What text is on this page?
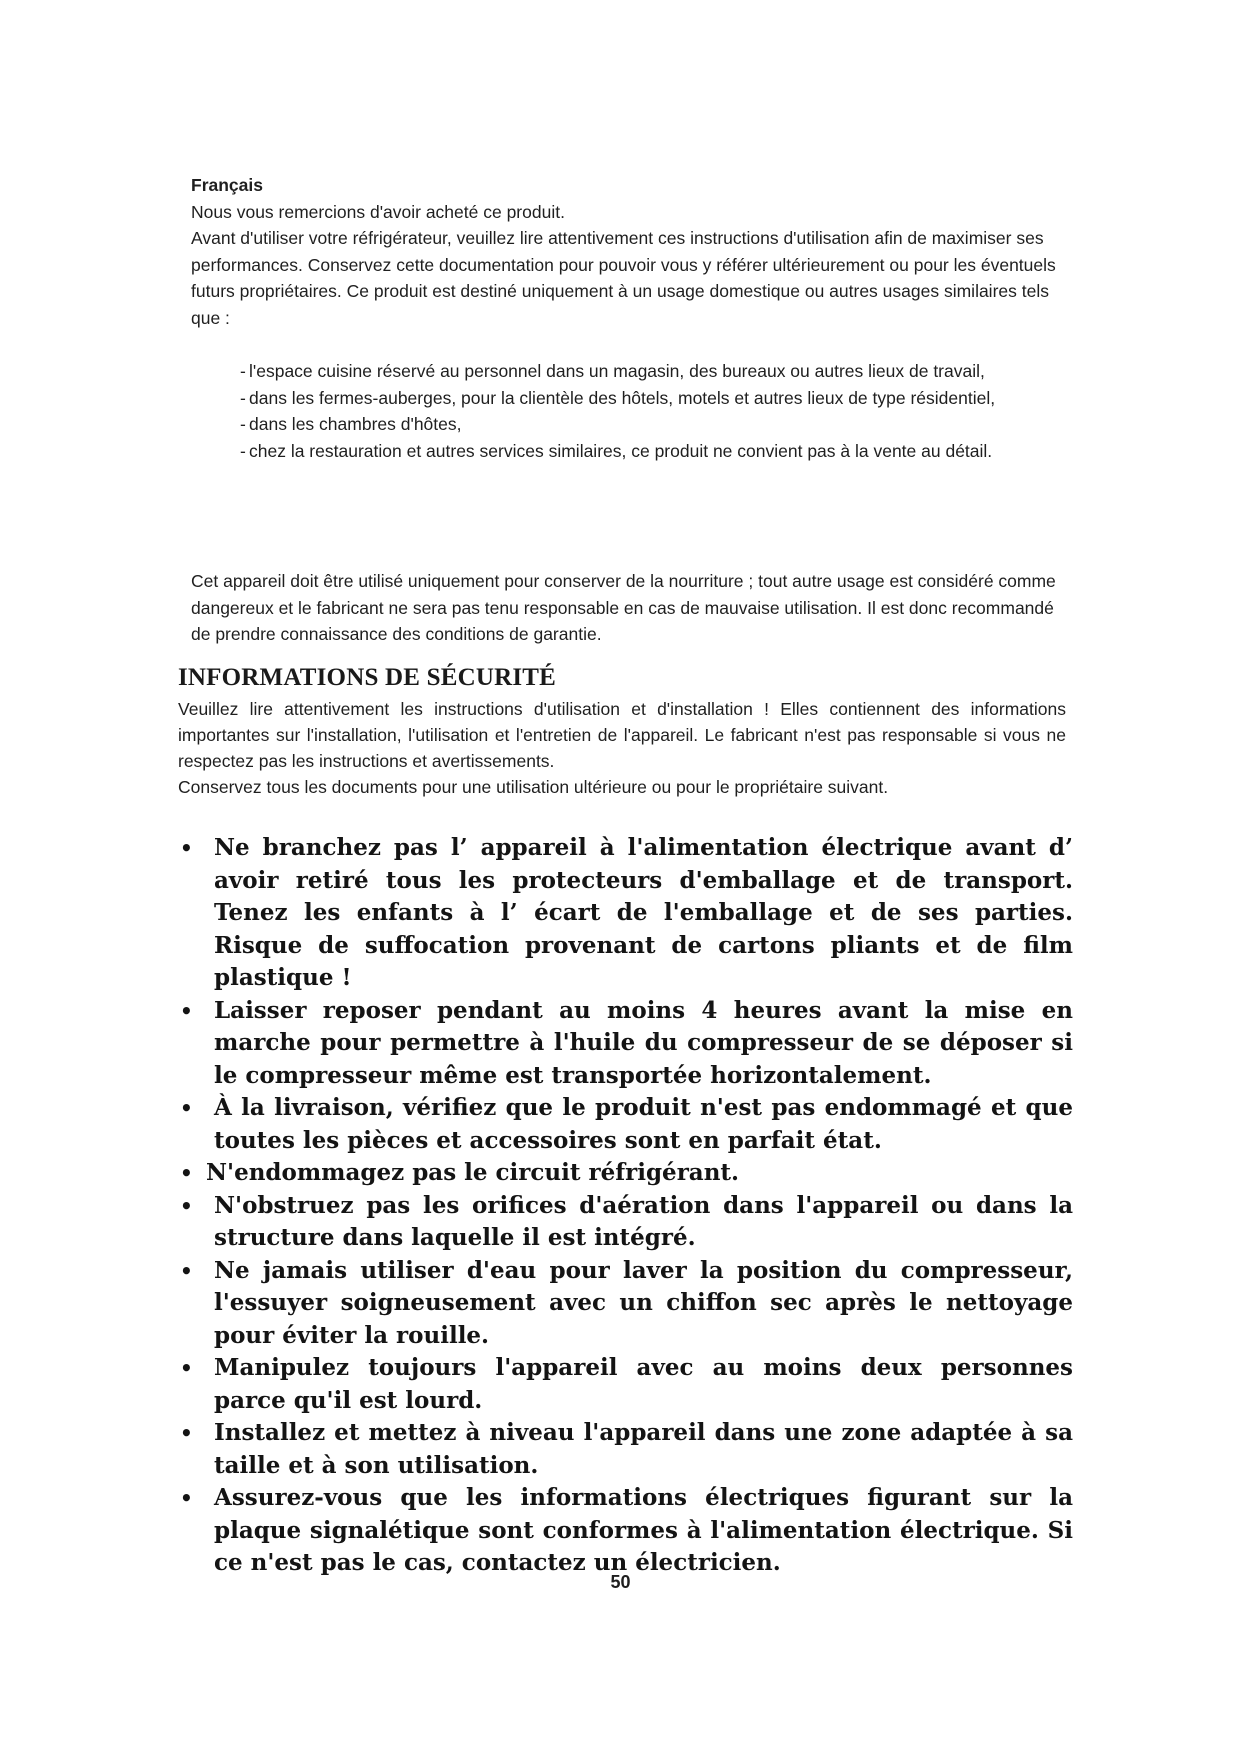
Français

Nous vous remercions d'avoir acheté ce produit.

Avant d'utiliser votre réfrigérateur, veuillez lire attentivement ces instructions d'utilisation afin de maximiser ses performances. Conservez cette documentation pour pouvoir vous y référer ultérieurement ou pour les éventuels futurs propriétaires. Ce produit est destiné uniquement à un usage domestique ou autres usages similaires tels que :

- l'espace cuisine réservé au personnel dans un magasin, des bureaux ou autres lieux de travail,
- dans les fermes-auberges, pour la clientèle des hôtels, motels et autres lieux de type résidentiel,
- dans les chambres d'hôtes,
- chez la restauration et autres services similaires, ce produit ne convient pas à la vente au détail.

Cet appareil doit être utilisé uniquement pour conserver de la nourriture ; tout autre usage est considéré comme dangereux et le fabricant ne sera pas tenu responsable en cas de mauvaise utilisation. Il est donc recommandé de prendre connaissance des conditions de garantie.

INFORMATIONS DE SÉCURITÉ

Veuillez lire attentivement les instructions d'utilisation et d'installation ! Elles contiennent des informations importantes sur l'installation, l'utilisation et l'entretien de l'appareil. Le fabricant n'est pas responsable si vous ne respectez pas les instructions et avertissements.
Conservez tous les documents pour une utilisation ultérieure ou pour le propriétaire suivant.

• Ne branchez pas l’ appareil à l'alimentation électrique avant d’ avoir retiré tous les protecteurs d'emballage et de transport. Tenez les enfants à l’ écart de l'emballage et de ses parties. Risque de suffocation provenant de cartons pliants et de film plastique !
• Laisser reposer pendant au moins 4 heures avant la mise en marche pour permettre à l'huile du compresseur de se déposer si le compresseur même est transportée horizontalement.
• À la livraison, vérifiez que le produit n'est pas endommagé et que toutes les pièces et accessoires sont en parfait état.
• N'endommagez pas le circuit réfrigérant.
• N'obstruez pas les orifices d'aération dans l'appareil ou dans la structure dans laquelle il est intégré.
• Ne jamais utiliser d'eau pour laver la position du compresseur, l'essuyer soigneusement avec un chiffon sec après le nettoyage pour éviter la rouille.
• Manipulez toujours l'appareil avec au moins deux personnes parce qu'il est lourd.
• Installez et mettez à niveau l'appareil dans une zone adaptée à sa taille et à son utilisation.
• Assurez-vous que les informations électriques figurant sur la plaque signalétique sont conformes à l'alimentation électrique. Si ce n'est pas le cas, contactez un électricien.
50
